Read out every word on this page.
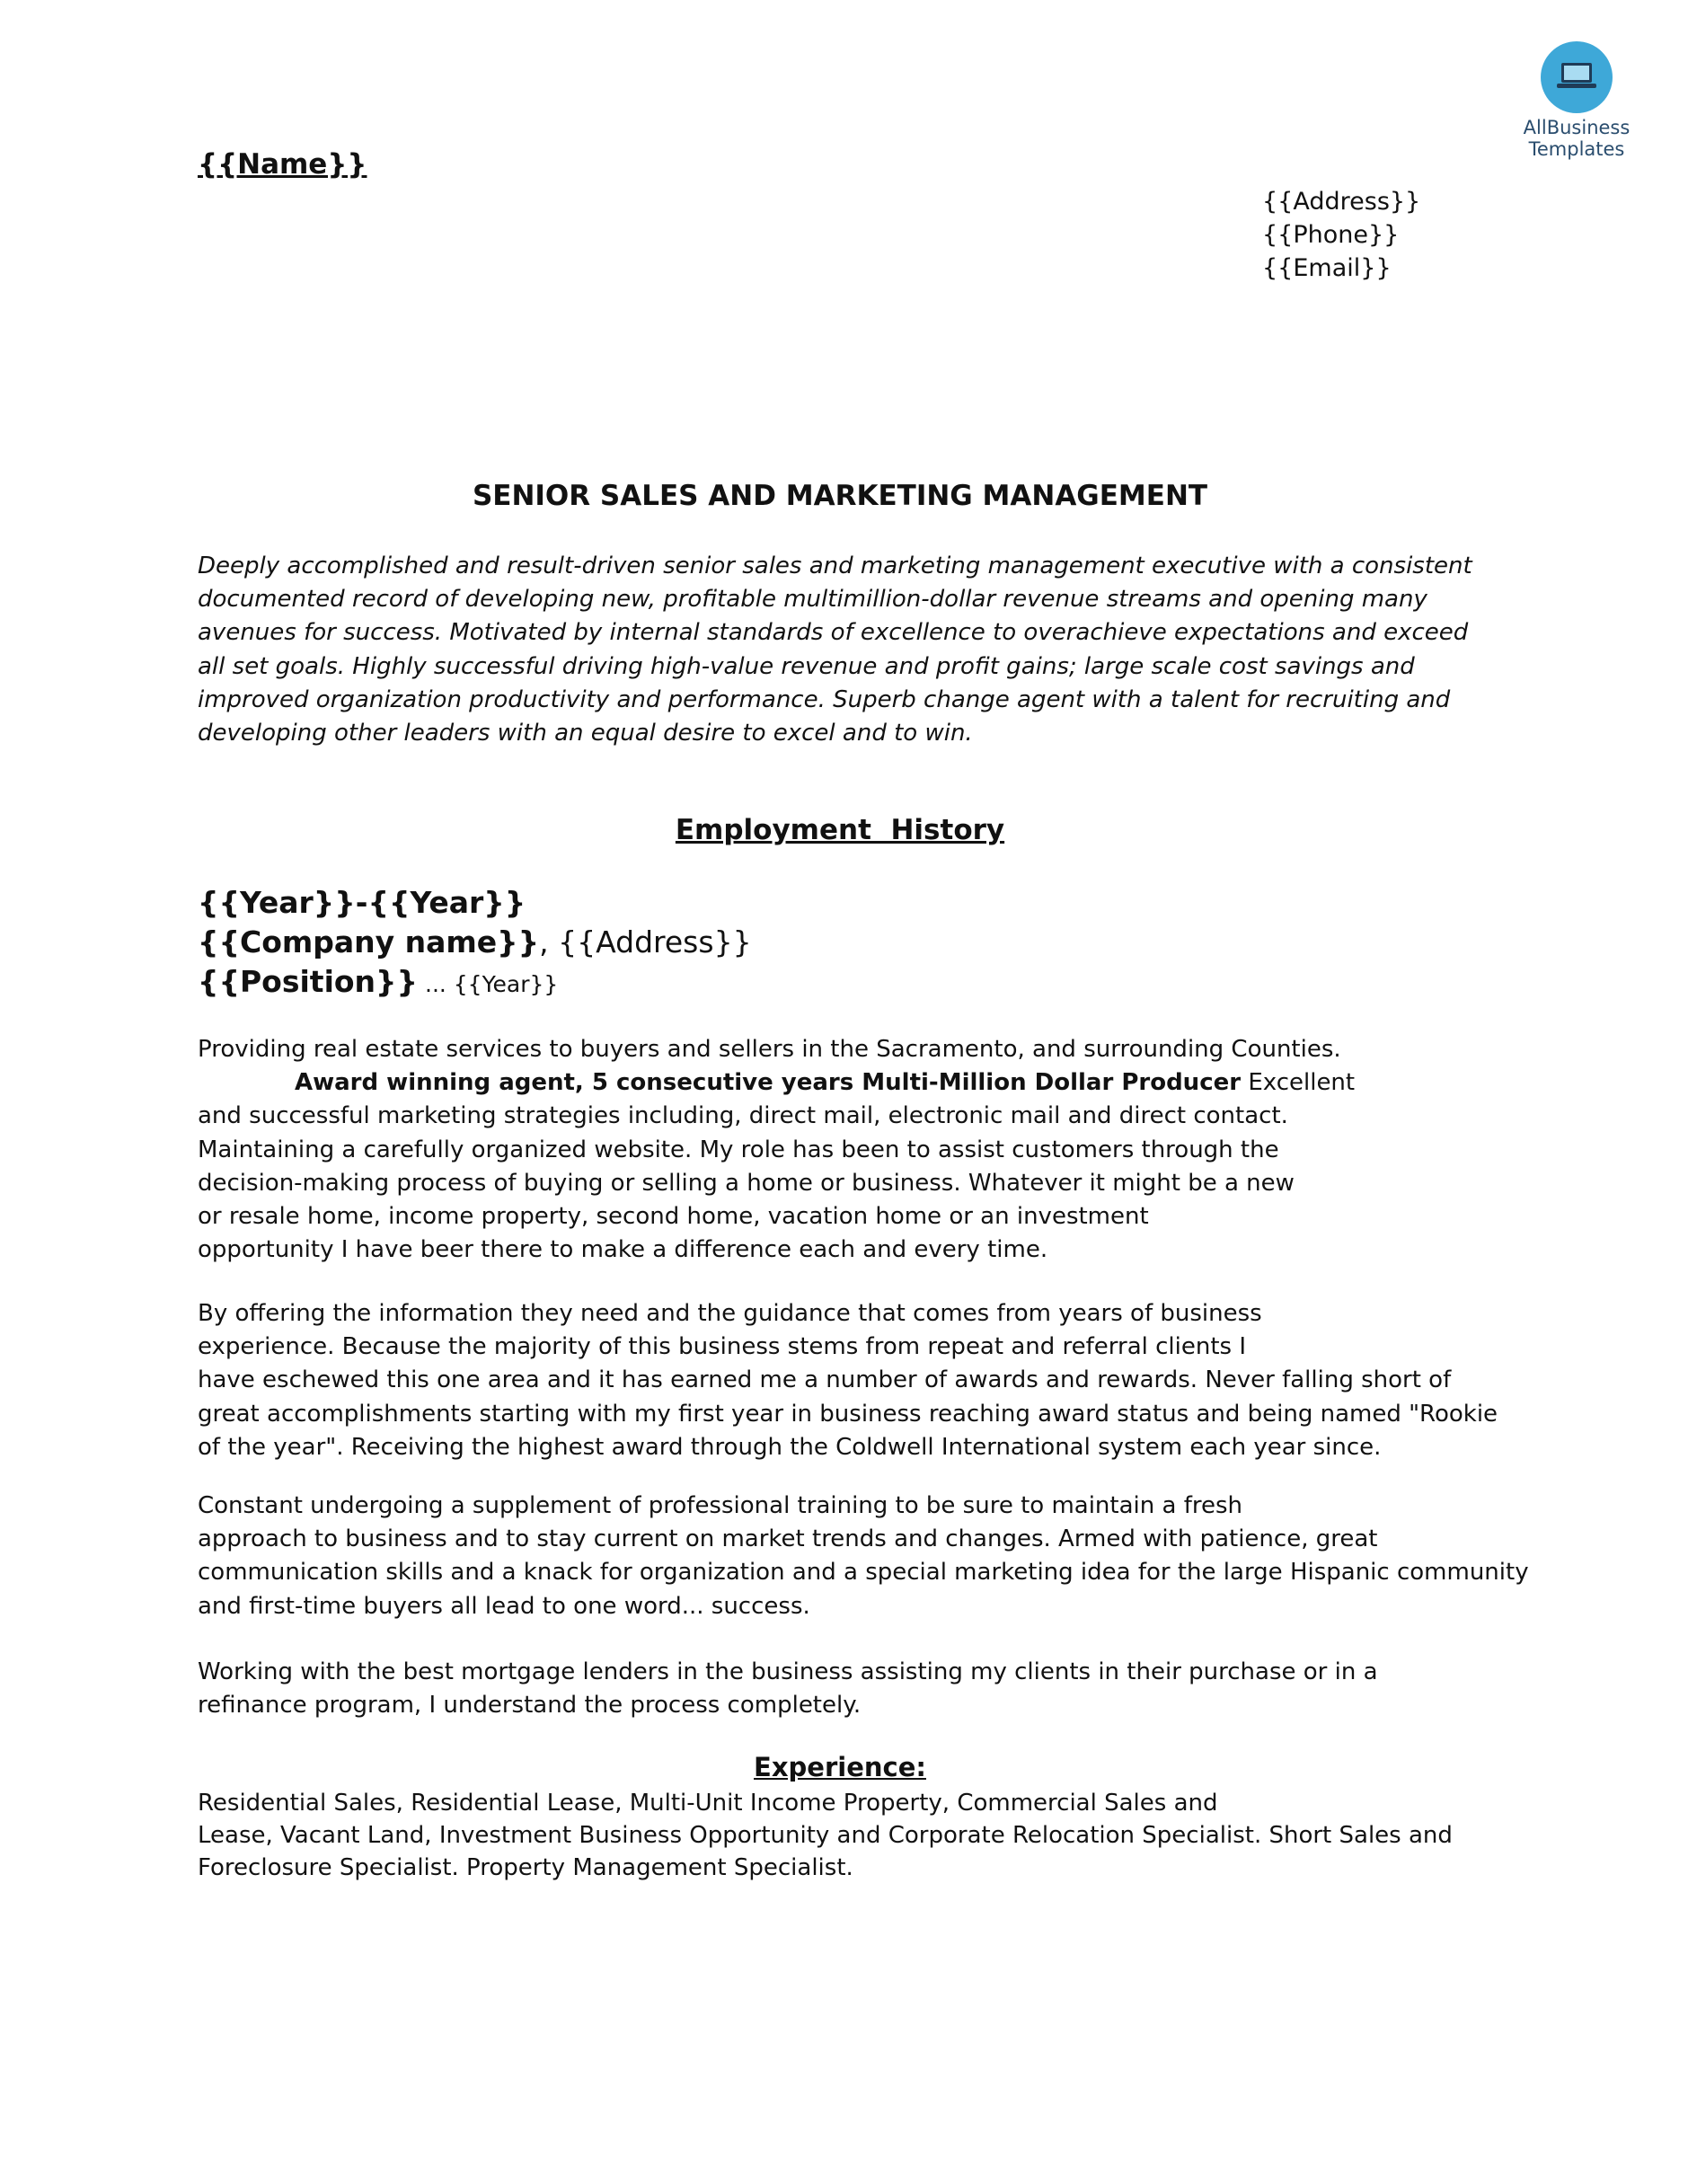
AllBusiness
Templates
{{Name}}
{{Address}}
{{Phone}}
{{Email}}
SENIOR SALES AND MARKETING MANAGEMENT
Deeply accomplished and result-driven senior sales and marketing management executive with a consistent documented record of developing new, profitable multimillion-dollar revenue streams and opening many avenues for success. Motivated by internal standards of excellence to overachieve expectations and exceed all set goals. Highly successful driving high-value revenue and profit gains; large scale cost savings and improved organization productivity and performance. Superb change agent with a talent for recruiting and developing other leaders with an equal desire to excel and to win.
Employment  History
{{Year}}-{{Year}}
{{Company name}}, {{Address}}
{{Position}} ... {{Year}}
Providing real estate services to buyers and sellers in the Sacramento, and surrounding Counties.
Award winning agent, 5 consecutive years Multi-Million Dollar Producer Excellent
and successful marketing strategies including, direct mail, electronic mail and direct contact.
Maintaining a carefully organized website. My role has been to assist customers through the
decision-making process of buying or selling a home or business. Whatever it might be a new
or resale home, income property, second home, vacation home or an investment
opportunity I have beer there to make a difference each and every time.
By offering the information they need and the guidance that comes from years of business
experience. Because the majority of this business stems from repeat and referral clients I
have eschewed this one area and it has earned me a number of awards and rewards. Never falling short of
great accomplishments starting with my first year in business reaching award status and being named "Rookie
of the year". Receiving the highest award through the Coldwell International system each year since.
Constant undergoing a supplement of professional training to be sure to maintain a fresh
approach to business and to stay current on market trends and changes. Armed with patience, great
communication skills and a knack for organization and a special marketing idea for the large Hispanic community
and first-time buyers all lead to one word... success.
Working with the best mortgage lenders in the business assisting my clients in their purchase or in a
refinance program, I understand the process completely.
Experience:
Residential Sales, Residential Lease, Multi-Unit Income Property, Commercial Sales and
Lease, Vacant Land, Investment Business Opportunity and Corporate Relocation Specialist. Short Sales and
Foreclosure Specialist. Property Management Specialist.
